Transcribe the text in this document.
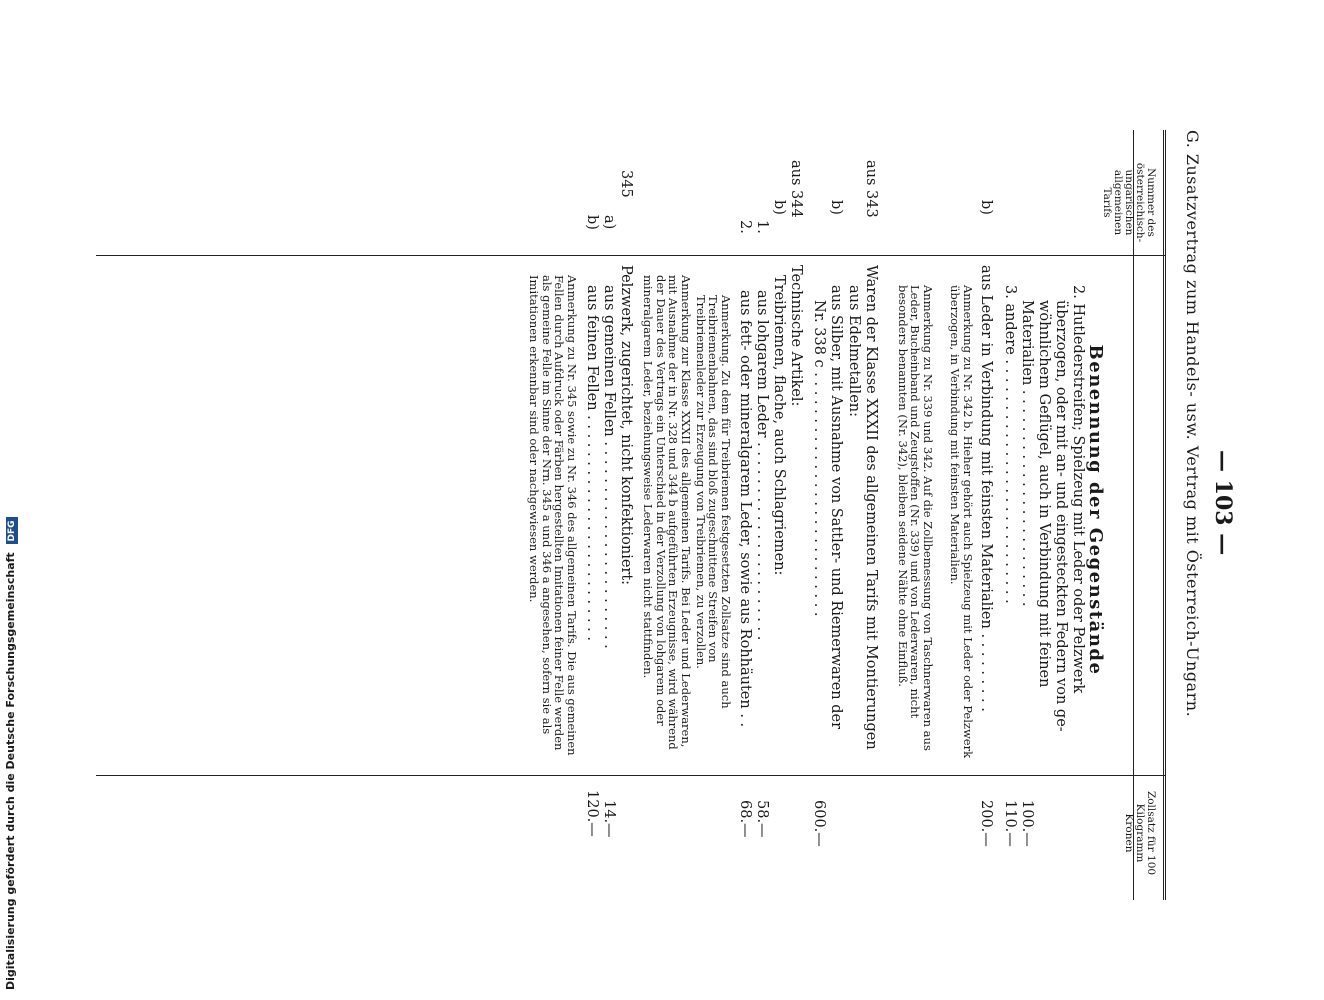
— 103 —
G. Zusatzvertrag zum Handels- usw. Vertrag mit Österreich-Ungarn.
Nummer des österreichisch-ungarischen allgemeinen Tarifs
Benennung der Gegenstände
Zollsatz für 100 Kilogramm Kronen
2. Hutlederstreifen; Spielzeug mit Leder oder Pelzwerk
überzogen, oder mit an- und eingesteckten Federn von ge-
wöhnlichem Geflügel, auch in Verbindung mit feinen
Materialien . . . . . . . . . . . . . . . . . . . . . . . .
100.—
3. andere . . . . . . . . . . . . . . . . . . . . . . . . . . .
110.—
b)
aus Leder in Verbindung mit feinsten Materialien . . . . . . . . .
200.—
Anmerkung zu Nr. 342 b. Hieher gehört auch Spielzeug mit Leder oder Pelzwerk überzogen, in Verbindung mit feinsten Materialien.
Anmerkung zu Nr. 339 und 342. Auf die Zollbemessung von Taschnerwaren aus Leder, Bucheinband und Zeugstoffen (Nr. 339) und von Lederwaren, nicht besonders benannten (Nr. 342), bleiben seidene Nähte ohne Einfluß.
aus 343
Waren der Klasse XXXII des allgemeinen Tarifs mit Montierungen
aus Edelmetallen:
b)
aus Silber, mit Ausnahme von Sattler- und Riemerwaren der
Nr. 338 c . . . . . . . . . . . . . . . . . . . . . . . . . . .
600.—
aus 344
Technische Artikel:
b)
Treibriemen, flache, auch Schlagriemen:
1.
aus lohgarem Leder . . . . . . . . . . . . . . . . . . . . . .
58.—
2.
aus fett- oder mineralgarem Leder, sowie aus Rohhäuten . .
68.—
Anmerkung. Zu dem für Treibriemen festgesetzten Zollsatze sind auch Treibriemenbahnen, das sind bloß zugeschnittene Streifen von Treibriemenleder zur Erzeugung von Treibriemen, zu verzollen.
Anmerkung zur Klasse XXXII des allgemeinen Tarifs. Bei Leder und Lederwaren, mit Ausnahme der in Nr. 328 und 344 b aufgeführten Erzeugnisse, wird während der Dauer des Vertrags ein Unterschied in der Verzollung von lohgarem oder mineralgarem Leder, beziehungsweise Lederwaren nicht stattfinden.
345
Pelzwerk, zugerichtet, nicht konfektioniert:
a)
aus gemeinen Fellen . . . . . . . . . . . . . . . . . . . . . . .
14.—
b)
aus feinen Fellen . . . . . . . . . . . . . . . . . . . . . . . . .
120.—
Anmerkung zu Nr. 345 sowie zu Nr. 346 des allgemeinen Tarifs. Die aus gemeinen Fellen durch Aufdruck oder Färben hergestellten Imitationen feiner Felle werden als gemeine Felle im Sinne der Nrn. 345 a und 346 a angesehen, sofern sie als Imitationen erkennbar sind oder nachgewiesen werden.
Digitalisierung gefördert durch die Deutsche Forschungsgemeinschaft DFG
